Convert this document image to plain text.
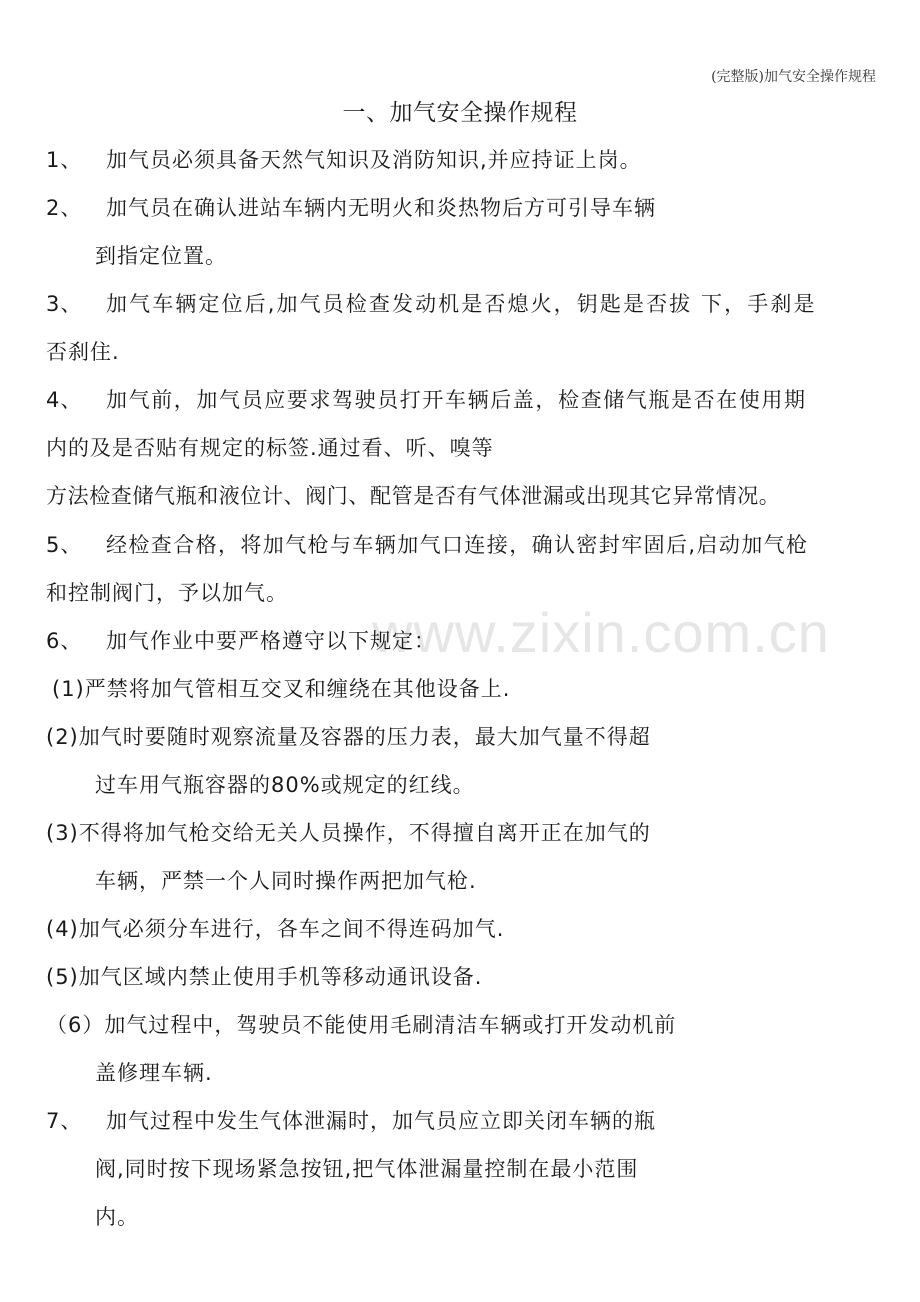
www.zixin.com.cn
(完整版)加气安全操作规程
一、加气安全操作规程
1、 加气员必须具备天然气知识及消防知识,并应持证上岗。
2、 加气员在确认进站车辆内无明火和炎热物后方可引导车辆
到指定位置。
3、 加气车辆定位后,加气员检查发动机是否熄火，钥匙是否拔 下，手刹是
否刹住.
4、 加气前，加气员应要求驾驶员打开车辆后盖，检查储气瓶是否在使用期
内的及是否贴有规定的标签.通过看、听、嗅等
方法检查储气瓶和液位计、阀门、配管是否有气体泄漏或出现其它异常情况。
5、 经检查合格，将加气枪与车辆加气口连接，确认密封牢固后,启动加气枪
和控制阀门，予以加气。
6、 加气作业中要严格遵守以下规定：
(1)严禁将加气管相互交叉和缠绕在其他设备上.
(2)加气时要随时观察流量及容器的压力表，最大加气量不得超
过车用气瓶容器的80%或规定的红线。
(3)不得将加气枪交给无关人员操作，不得擅自离开正在加气的
车辆，严禁一个人同时操作两把加气枪.
(4)加气必须分车进行，各车之间不得连码加气.
(5)加气区域内禁止使用手机等移动通讯设备.
（6）加气过程中，驾驶员不能使用毛刷清洁车辆或打开发动机前
盖修理车辆.
7、 加气过程中发生气体泄漏时，加气员应立即关闭车辆的瓶
阀,同时按下现场紧急按钮,把气体泄漏量控制在最小范围
内。
